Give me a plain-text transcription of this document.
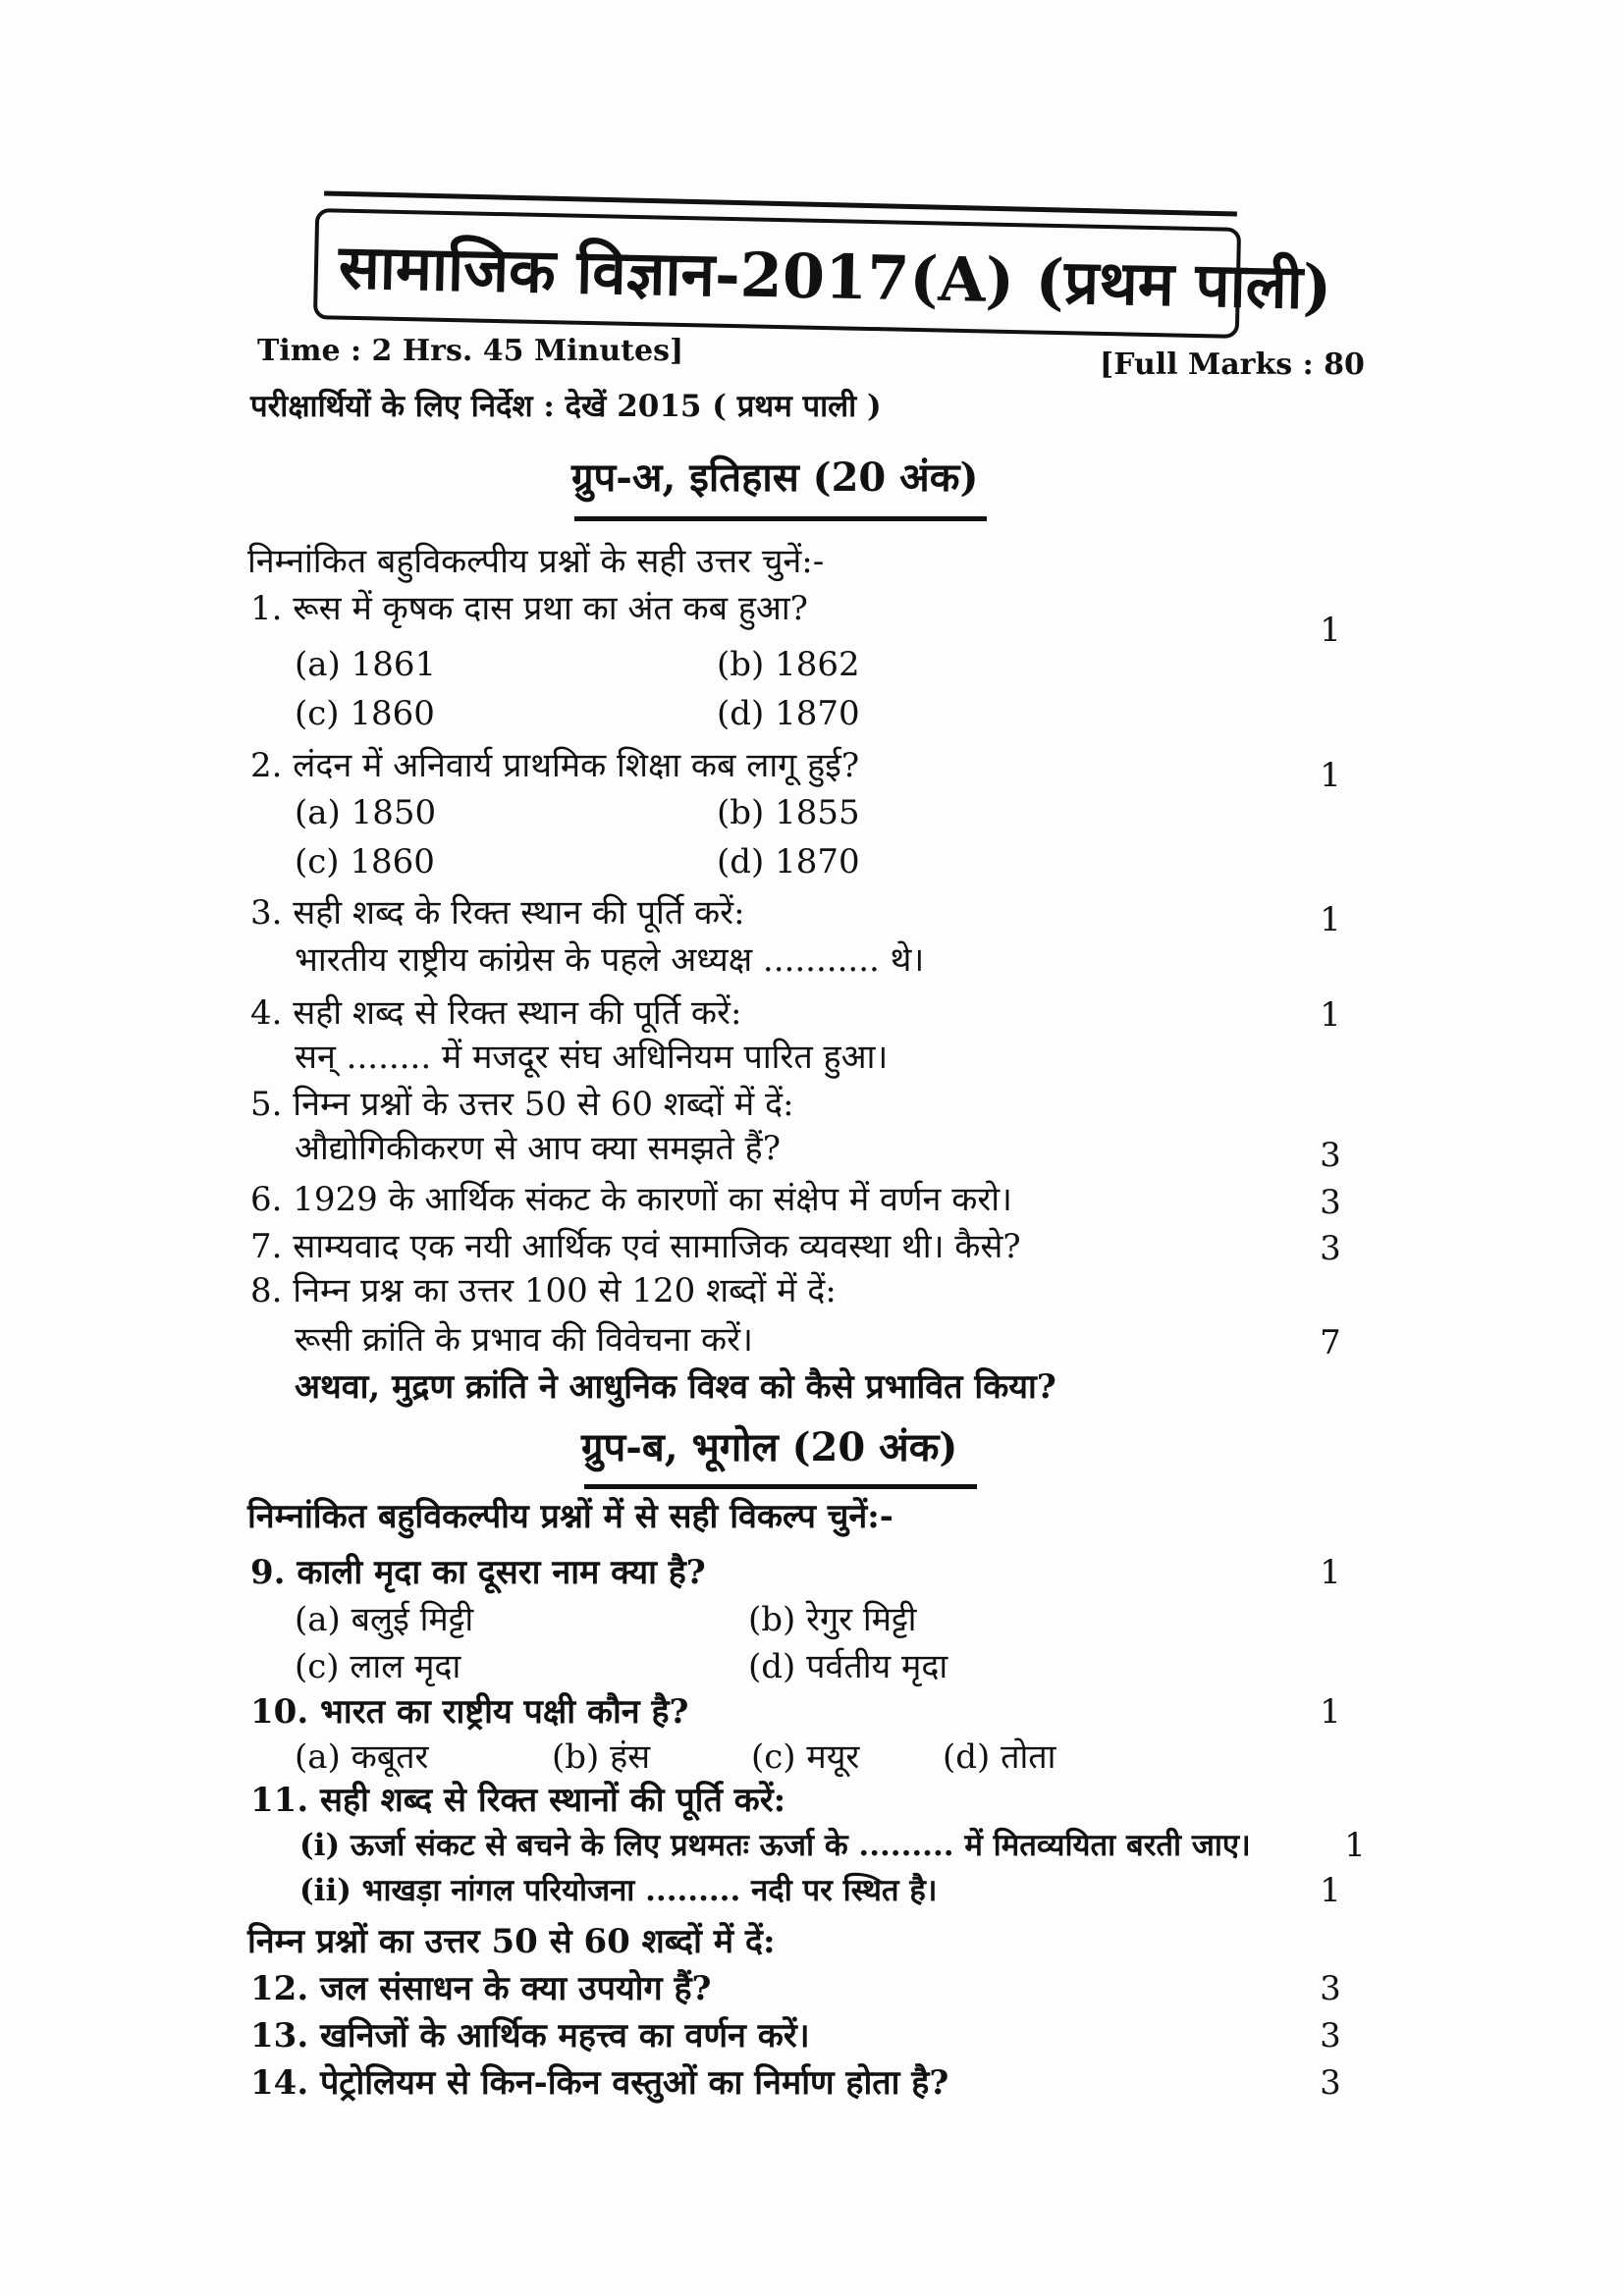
सामाजिक विज्ञान-2017(A) (प्रथम पाली)
Time : 2 Hrs. 45 Minutes]	[Full Marks : 80
परीक्षार्थियों के लिए निर्देश : देखें 2015 ( प्रथम पाली )
ग्रुप-अ, इतिहास (20 अंक)
निम्नांकित बहुविकल्पीय प्रश्नों के सही उत्तर चुनें:-
1. रूस में कृषक दास प्रथा का अंत कब हुआ?
1
(a) 1861	(b) 1862
(c) 1860	(d) 1870
2. लंदन में अनिवार्य प्राथमिक शिक्षा कब लागू हुई?	1
(a) 1850	(b) 1855
(c) 1860	(d) 1870
3. सही शब्द के रिक्त स्थान की पूर्ति करें:	1
भारतीय राष्ट्रीय कांग्रेस के पहले अध्यक्ष ........... थे।
4. सही शब्द से रिक्त स्थान की पूर्ति करें:	1
सन् ........ में मजदूर संघ अधिनियम पारित हुआ।
5. निम्न प्रश्नों के उत्तर 50 से 60 शब्दों में दें:
औद्योगिकीकरण से आप क्या समझते हैं?	3
6. 1929 के आर्थिक संकट के कारणों का संक्षेप में वर्णन करो।	3
7. साम्यवाद एक नयी आर्थिक एवं सामाजिक व्यवस्था थी। कैसे?	3
8. निम्न प्रश्न का उत्तर 100 से 120 शब्दों में दें:
रूसी क्रांति के प्रभाव की विवेचना करें।	7
अथवा, मुद्रण क्रांति ने आधुनिक विश्व को कैसे प्रभावित किया?
ग्रुप-ब, भूगोल (20 अंक)
निम्नांकित बहुविकल्पीय प्रश्नों में से सही विकल्प चुनें:-
9. काली मृदा का दूसरा नाम क्या है?	1
(a) बलुई मिट्टी	(b) रेगुर मिट्टी
(c) लाल मृदा	(d) पर्वतीय मृदा
10. भारत का राष्ट्रीय पक्षी कौन है?	1
(a) कबूतर	(b) हंस	(c) मयूर (d) तोता
11. सही शब्द से रिक्त स्थानों की पूर्ति करें:
(i) ऊर्जा संकट से बचने के लिए प्रथमतः ऊर्जा के ......... में मितव्ययिता बरती जाए।	1
(ii) भाखड़ा नांगल परियोजना ......... नदी पर स्थित है।	1
निम्न प्रश्नों का उत्तर 50 से 60 शब्दों में दें:
12. जल संसाधन के क्या उपयोग हैं?	3
13. खनिजों के आर्थिक महत्त्व का वर्णन करें।	3
14. पेट्रोलियम से किन-किन वस्तुओं का निर्माण होता है?	3
